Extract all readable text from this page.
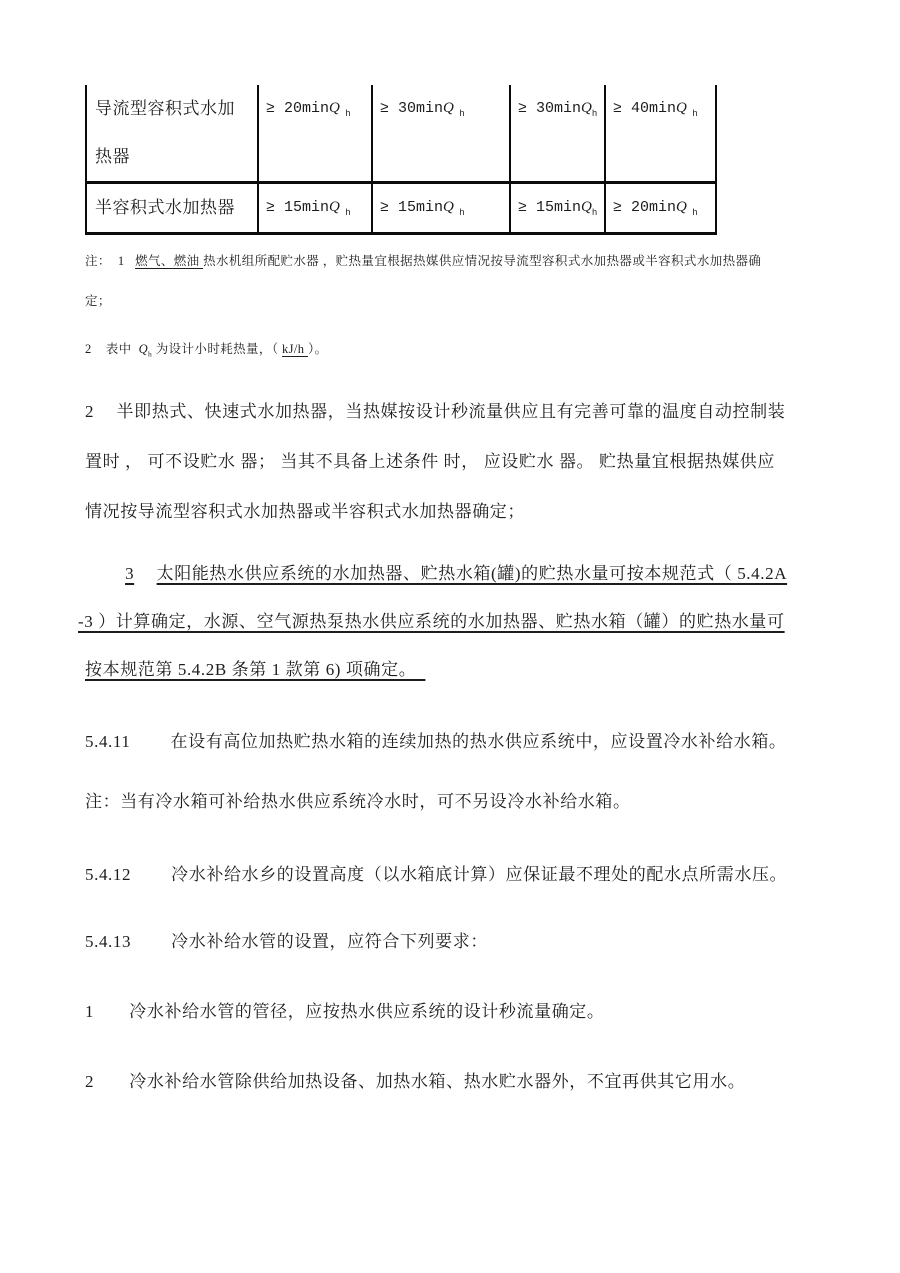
导流型容积式水加热器	≥ 20minQ $_h$	≥ 30minQ $_h$	≥ 30minQ$_h$	≥ 40minQ $_h$
半容积式水加热器	≥ 15minQ $_h$	≥ 15minQ $_h$	≥ 15minQ$_h$	≥ 20minQ $_h$
注：  1   燃气、燃油 热水机组所配贮水器 ，贮热量宜根据热媒供应情况按导流型容积式水加热器或半容积式水加热器确
定；
2    表中  $Q_h$ 为设计小时耗热量，（ kJ/h ）。
2　 半即热式、快速式水加热器，当热媒按设计秒流量供应且有完善可靠的温度自动控制装
置时 ， 可不设贮水 器； 当其不具备上述条件 时， 应设贮水 器。 贮热量宜根据热媒供应
情况按导流型容积式水加热器或半容积式水加热器确定；
　　 3　 太阳能热水供应系统的水加热器、贮热水箱(罐)的贮热水量可按本规范式（ 5.4.2A
-3 ）计算确定，水源、空气源热泵热水供应系统的水加热器、贮热水箱（罐）的贮热水量可
按本规范第 5.4.2B 条第 1 款第 6) 项确定。　
5.4.11　　 在设有高位加热贮热水箱的连续加热的热水供应系统中，应设置冷水补给水箱。
注：当有冷水箱可补给热水供应系统冷水时，可不另设冷水补给水箱。
5.4.12　　 冷水补给水乡的设置高度（以水箱底计算）应保证最不理处的配水点所需水压。
5.4.13　　 冷水补给水管的设置，应符合下列要求：
1　　冷水补给水管的管径，应按热水供应系统的设计秒流量确定。
2　　冷水补给水管除供给加热设备、加热水箱、热水贮水器外，不宜再供其它用水。
